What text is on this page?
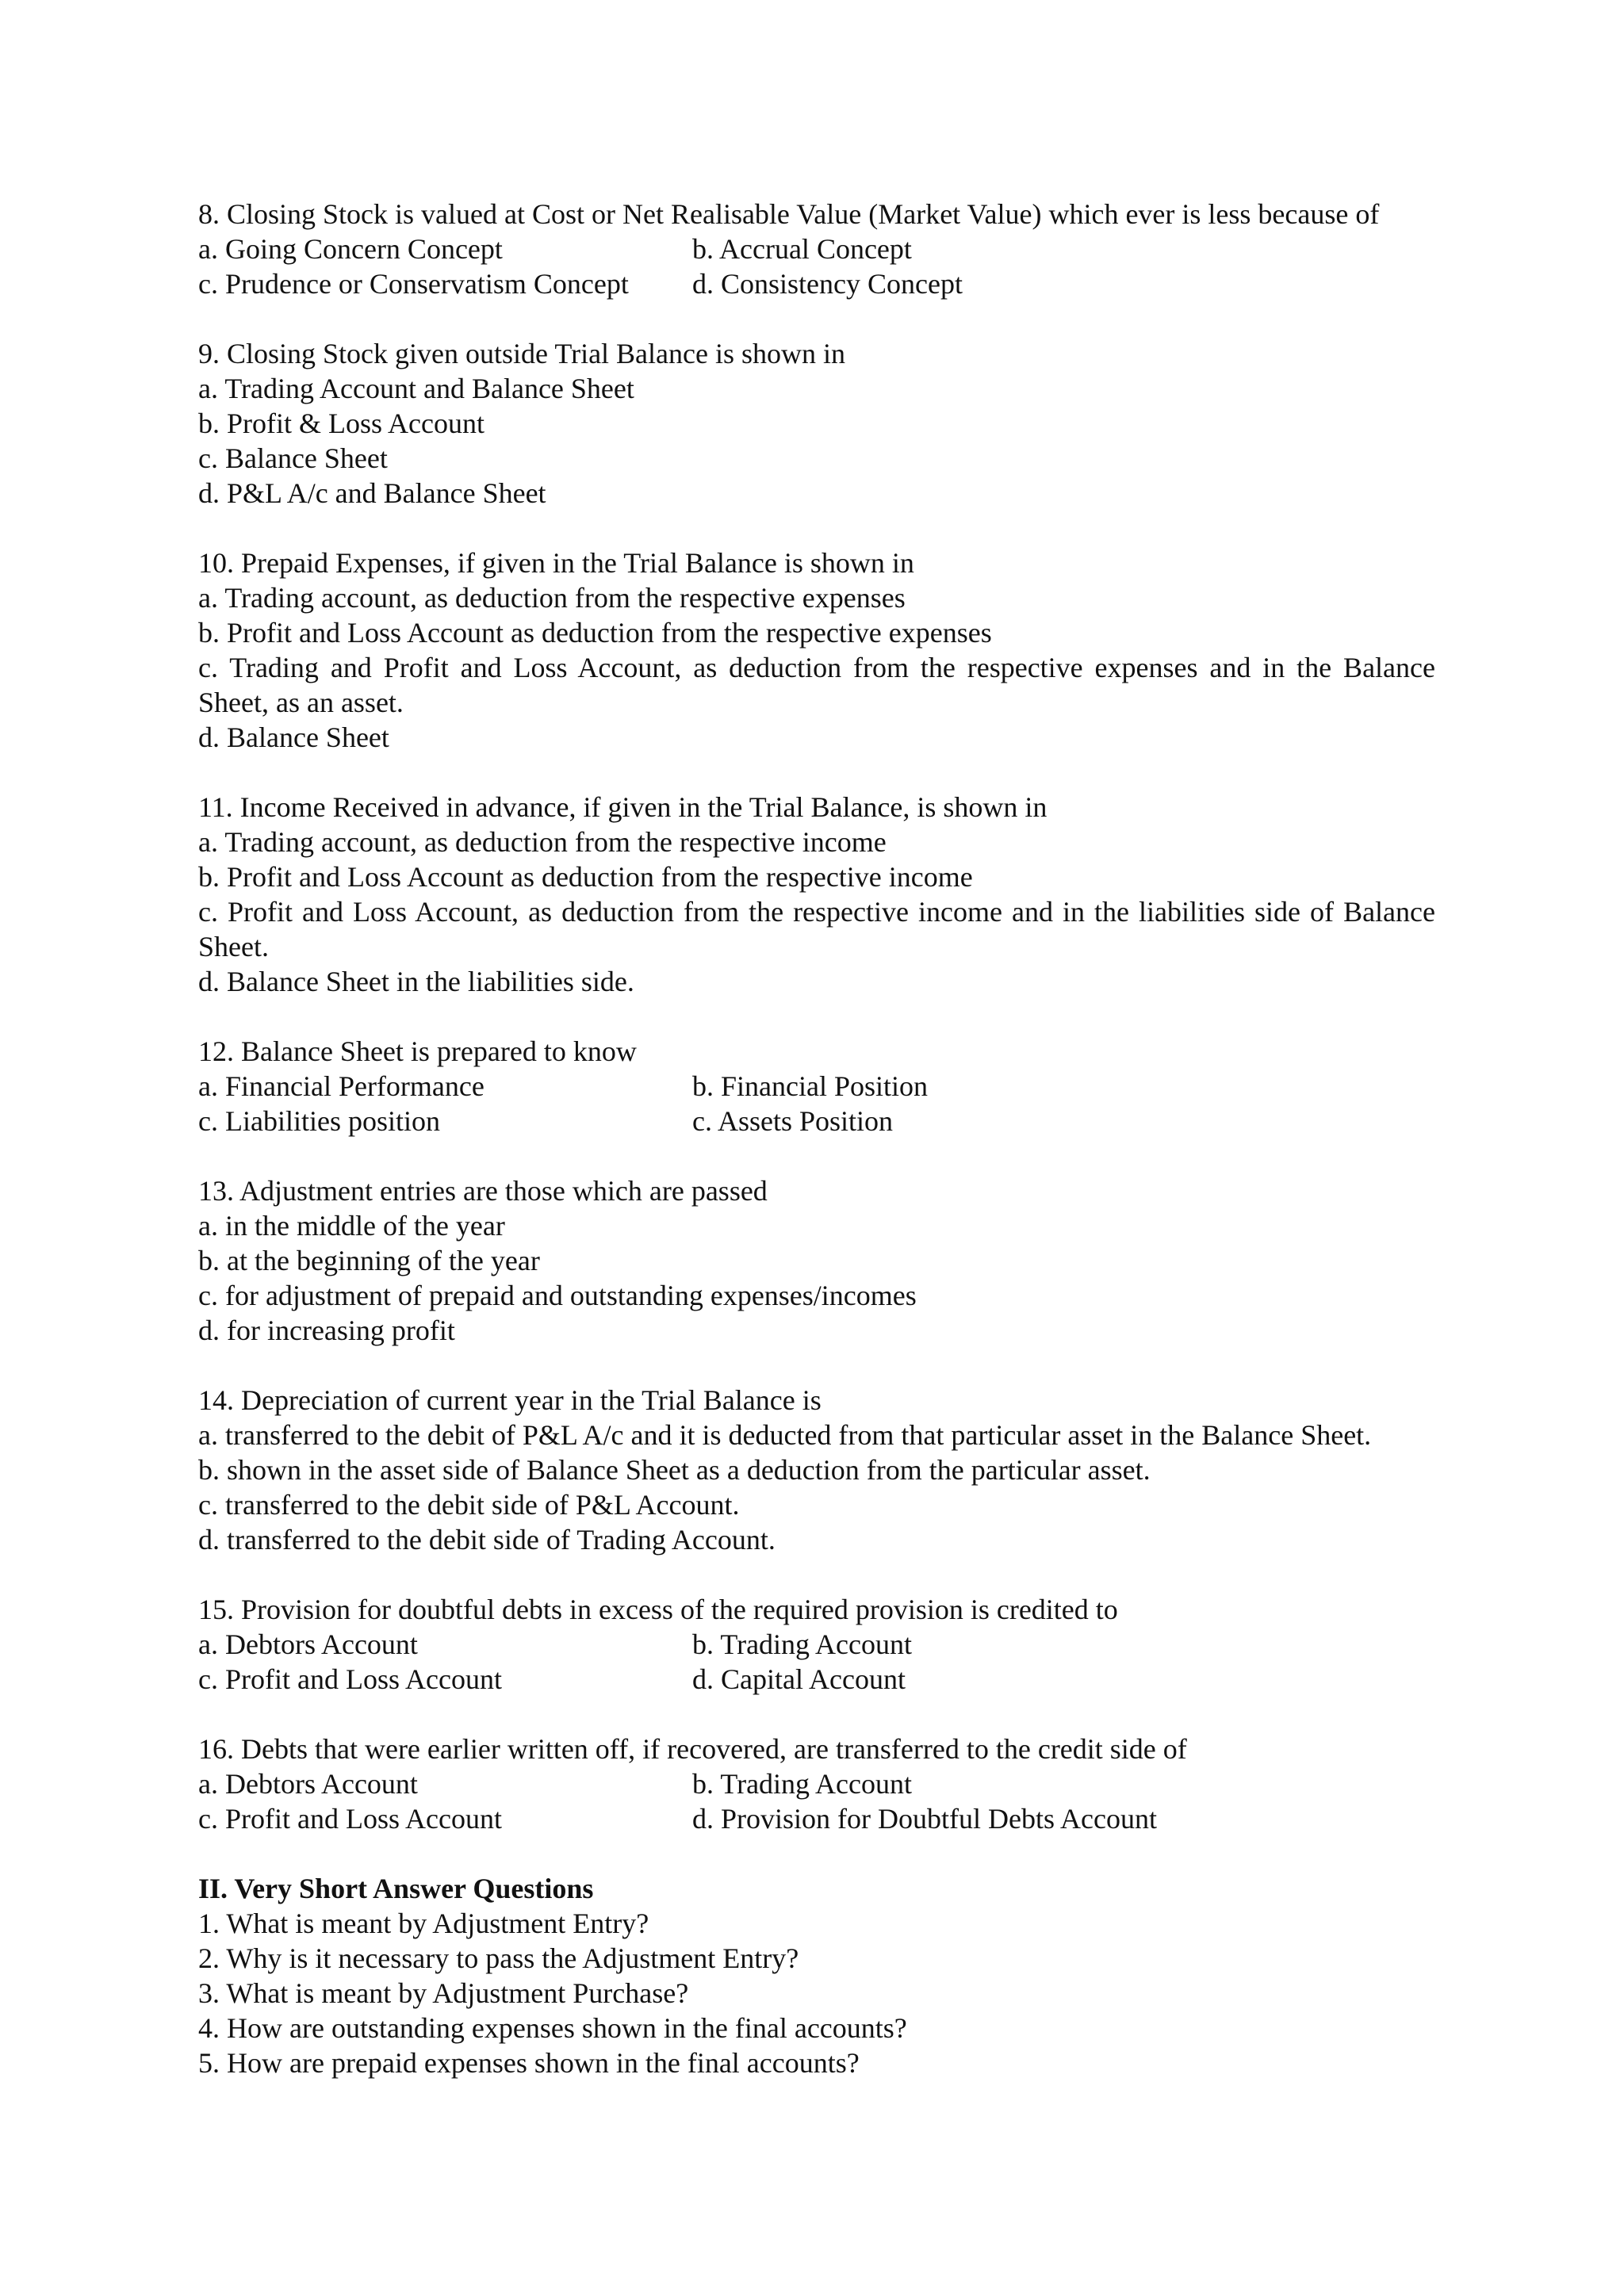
8. Closing Stock is valued at Cost or Net Realisable Value (Market Value) which ever is less because of
a. Going Concern Concept	b. Accrual Concept
c. Prudence or Conservatism Concept	d. Consistency Concept
9. Closing Stock given outside Trial Balance is shown in
a. Trading Account and Balance Sheet
b. Profit & Loss Account
c. Balance Sheet
d. P&L A/c and Balance Sheet
10. Prepaid Expenses, if given in the Trial Balance is shown in
a. Trading account, as deduction from the respective expenses
b. Profit and Loss Account as deduction from the respective expenses
c. Trading and Profit and Loss Account, as deduction from the respective expenses and in the Balance Sheet, as an asset.
d. Balance Sheet
11. Income Received in advance, if given in the Trial Balance, is shown in
a. Trading account, as deduction from the respective income
b. Profit and Loss Account as deduction from the respective income
c. Profit and Loss Account, as deduction from the respective income and in the liabilities side of Balance Sheet.
d. Balance Sheet in the liabilities side.
12. Balance Sheet is prepared to know
a. Financial Performance	b. Financial Position
c. Liabilities position	c. Assets Position
13. Adjustment entries are those which are passed
a. in the middle of the year
b. at the beginning of the year
c. for adjustment of prepaid and outstanding expenses/incomes
d. for increasing profit
14. Depreciation of current year in the Trial Balance is
a. transferred to the debit of P&L A/c and it is deducted from that particular asset in the Balance Sheet.
b. shown in the asset side of Balance Sheet as a deduction from the particular asset.
c. transferred to the debit side of P&L Account.
d. transferred to the debit side of Trading Account.
15. Provision for doubtful debts in excess of the required provision is credited to
a. Debtors Account	b. Trading Account
c. Profit and Loss Account	d. Capital Account
16. Debts that were earlier written off, if recovered, are transferred to the credit side of
a. Debtors Account	b. Trading Account
c. Profit and Loss Account	d. Provision for Doubtful Debts Account
II. Very Short Answer Questions
1. What is meant by Adjustment Entry?
2. Why is it necessary to pass the Adjustment Entry?
3. What is meant by Adjustment Purchase?
4. How are outstanding expenses shown in the final accounts?
5. How are prepaid expenses shown in the final accounts?
